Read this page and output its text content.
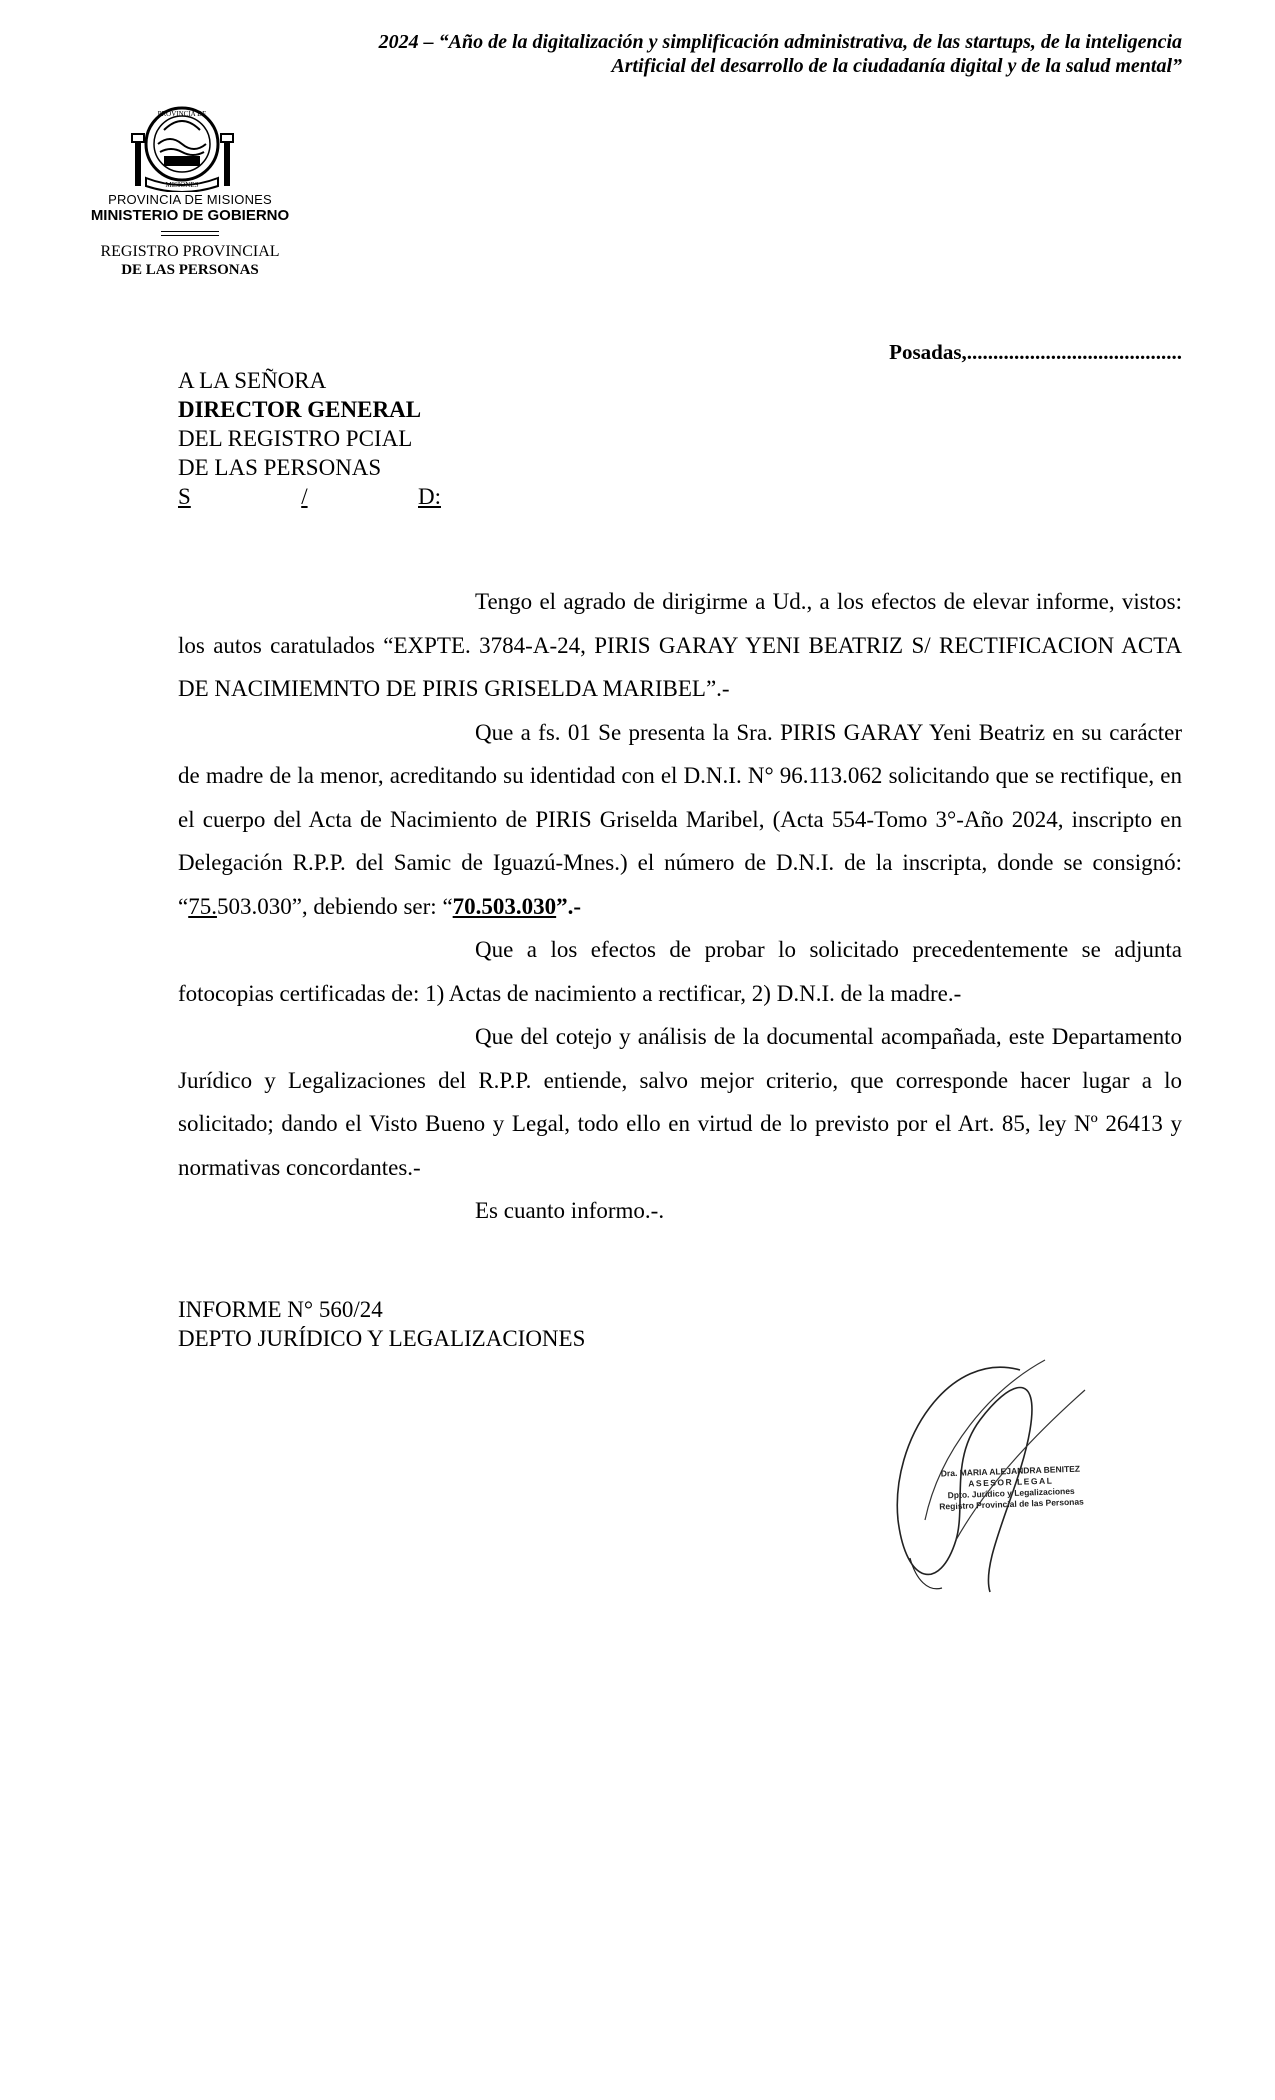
2024 – “Año de la digitalización y simplificación administrativa, de las startups, de la inteligencia
Artificial del desarrollo de la ciudadanía digital y de la salud mental”
PROVINCIA DE
MISIONES
PROVINCIA DE MISIONES
MINISTERIO DE GOBIERNO
REGISTRO PROVINCIAL
DE LAS PERSONAS
Posadas,.........................................
A LA SEÑORA
DIRECTOR GENERAL
DEL REGISTRO PCIAL
DE LAS PERSONAS
S	/	D:

Tengo el agrado de dirigirme a Ud., a los efectos de elevar informe, vistos: los autos caratulados “EXPTE. 3784-A-24, PIRIS GARAY YENI BEATRIZ S/ RECTIFICACION ACTA DE NACIMIEMNTO DE PIRIS GRISELDA MARIBEL”.-

Que a fs. 01 Se presenta la Sra. PIRIS GARAY Yeni Beatriz en su carácter de madre de la menor, acreditando su identidad con el D.N.I. N° 96.113.062 solicitando que se rectifique, en el cuerpo del Acta de Nacimiento de PIRIS Griselda Maribel, (Acta 554-Tomo 3°-Año 2024, inscripto en Delegación R.P.P. del Samic de Iguazú-Mnes.) el número de D.N.I. de la inscripta, donde se consignó: “75.503.030”, debiendo ser: “70.503.030”.-

Que a los efectos de probar lo solicitado precedentemente se adjunta fotocopias certificadas de: 1) Actas de nacimiento a rectificar, 2) D.N.I. de la madre.-

Que del cotejo y análisis de la documental acompañada, este Departamento Jurídico y Legalizaciones del R.P.P. entiende, salvo mejor criterio, que corresponde hacer lugar a lo solicitado; dando el Visto Bueno y Legal, todo ello en virtud de lo previsto por el Art. 85, ley Nº 26413 y normativas concordantes.-

Es cuanto informo.-.

INFORME N° 560/24
DEPTO JURÍDICO Y LEGALIZACIONES
Dra. MARIA ALEJANDRA BENITEZ
ASESOR LEGAL
Dpto. Jurídico y Legalizaciones
Registro Provincial de las Personas
